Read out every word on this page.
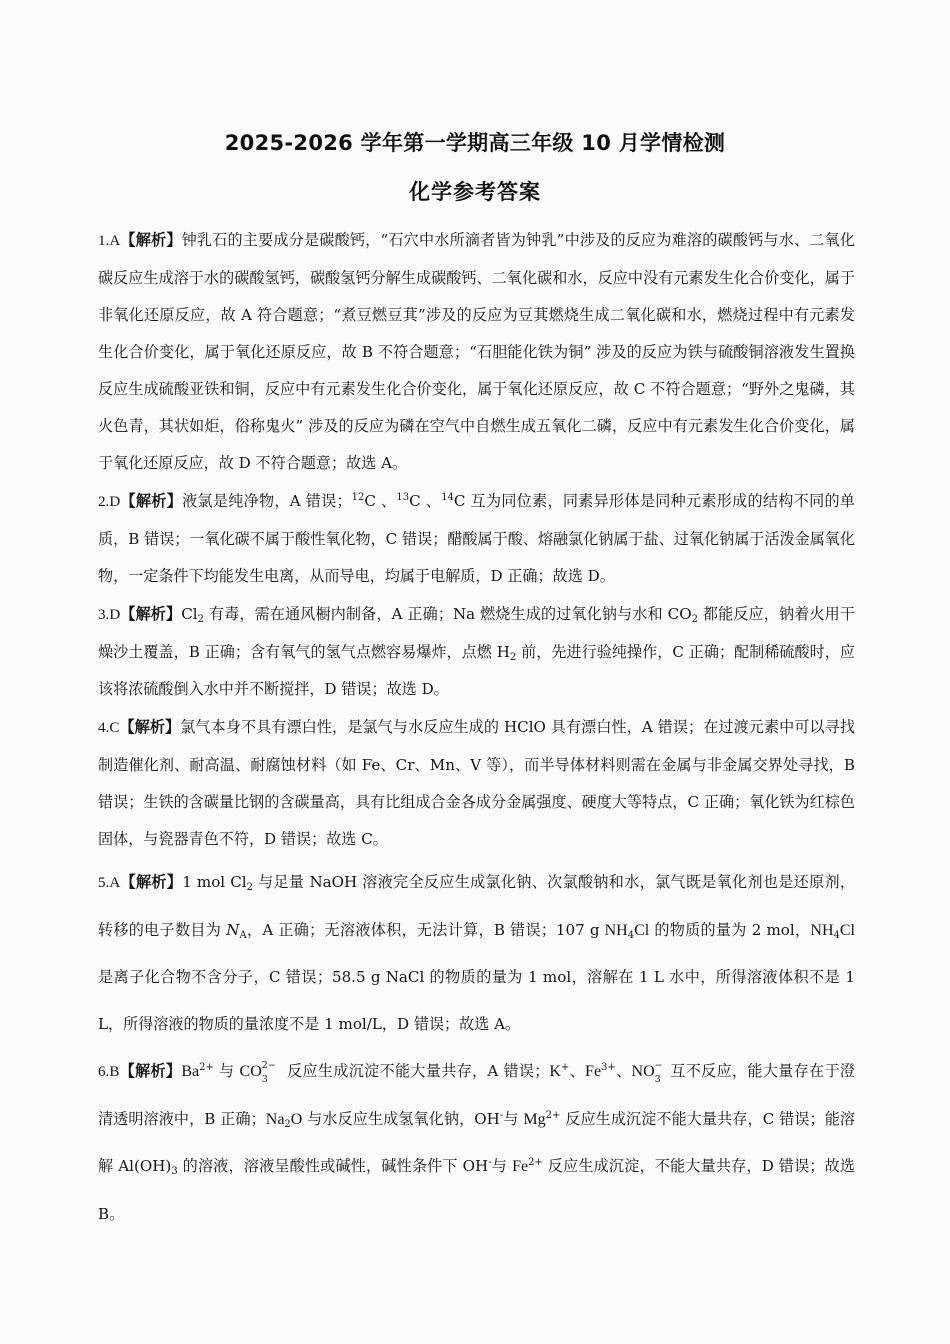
2025-2026 学年第一学期高三年级 10 月学情检测
化学参考答案

1.A【解析】钟乳石的主要成分是碳酸钙，“石穴中水所滴者皆为钟乳”中涉及的反应为难溶的碳酸钙与水、二氧化碳反应生成溶于水的碳酸氢钙，碳酸氢钙分解生成碳酸钙、二氧化碳和水，反应中没有元素发生化合价变化，属于非氧化还原反应，故 A 符合题意；“煮豆燃豆萁”涉及的反应为豆萁燃烧生成二氧化碳和水，燃烧过程中有元素发生化合价变化，属于氧化还原反应，故 B 不符合题意；“石胆能化铁为铜” 涉及的反应为铁与硫酸铜溶液发生置换反应生成硫酸亚铁和铜，反应中有元素发生化合价变化，属于氧化还原反应，故 C 不符合题意；“野外之鬼磷，其火色青，其状如炬，俗称鬼火” 涉及的反应为磷在空气中自燃生成五氧化二磷，反应中有元素发生化合价变化，属于氧化还原反应，故 D 不符合题意；故选 A。

2.D【解析】液氯是纯净物，A 错误；$^{12}$C 、$^{13}$C 、$^{14}$C 互为同位素，同素异形体是同种元素形成的结构不同的单质，B 错误；一氧化碳不属于酸性氧化物，C 错误；醋酸属于酸、熔融氯化钠属于盐、过氧化钠属于活泼金属氧化物，一定条件下均能发生电离，从而导电，均属于电解质，D 正确；故选 D。

3.D【解析】$Cl_2$ 有毒，需在通风橱内制备，A 正确；Na 燃烧生成的过氧化钠与水和 $CO_2$ 都能反应，钠着火用干燥沙土覆盖，B 正确；含有氧气的氢气点燃容易爆炸，点燃 $H_2$ 前，先进行验纯操作，C 正确；配制稀硫酸时，应该将浓硫酸倒入水中并不断搅拌，D 错误；故选 D。

4.C【解析】氯气本身不具有漂白性，是氯气与水反应生成的 HClO 具有漂白性，A 错误；在过渡元素中可以寻找制造催化剂、耐高温、耐腐蚀材料（如 Fe、Cr、Mn、V 等），而半导体材料则需在金属与非金属交界处寻找，B 错误；生铁的含碳量比钢的含碳量高，具有比组成合金各成分金属强度、硬度大等特点，C 正确；氧化铁为红棕色固体，与瓷器青色不符，D 错误；故选 C。

5.A【解析】1 mol $Cl_2$ 与足量 NaOH 溶液完全反应生成氯化钠、次氯酸钠和水，氯气既是氧化剂也是还原剂，转移的电子数目为 $N_A$，A 正确；无溶液体积，无法计算，B 错误；107 g $NH_4Cl$ 的物质的量为 2 mol，$NH_4Cl$ 是离子化合物不含分子，C 错误；58.5 g NaCl 的物质的量为 1 mol，溶解在 1 L 水中，所得溶液体积不是 1 L，所得溶液的物质的量浓度不是 1 mol/L，D 错误；故选 A。

6.B【解析】$Ba^{2+}$ 与 CO 2−
3
   反应生成沉淀不能大量共存，A 错误；K+、$Fe^{3+}$、NO −
3
  互不反应，能大量存在于澄清透明溶液中，B 正确；$Na_2O$ 与水反应生成氢氧化钠，OH-与 $Mg^{2+}$ 反应生成沉淀不能大量共存，C 错误；能溶解 $Al(OH)_3$ 的溶液，溶液呈酸性或碱性，碱性条件下 OH-与 $Fe^{2+}$ 反应生成沉淀，不能大量共存，D 错误；故选 B。
